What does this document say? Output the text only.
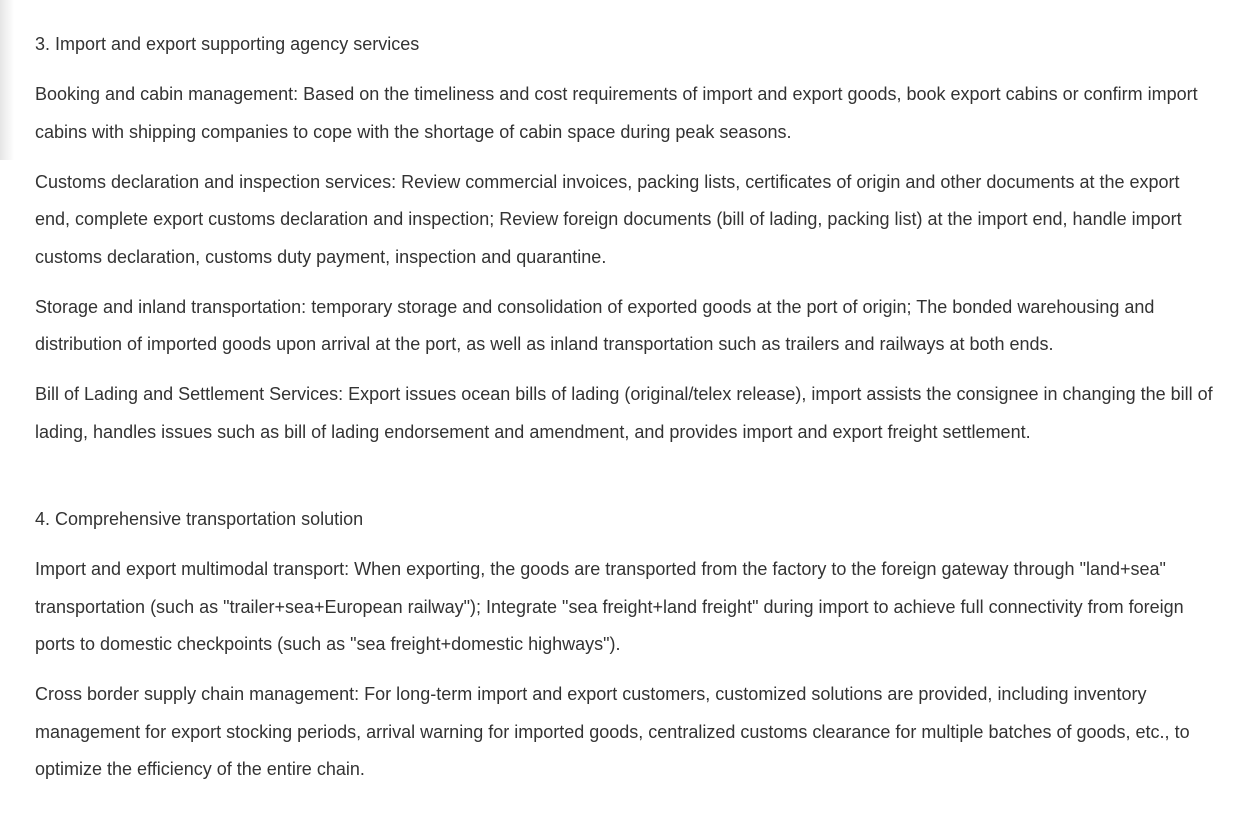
3. Import and export supporting agency services

Booking and cabin management: Based on the timeliness and cost requirements of import and export goods, book export cabins or confirm import cabins with shipping companies to cope with the shortage of cabin space during peak seasons.

Customs declaration and inspection services: Review commercial invoices, packing lists, certificates of origin and other documents at the export end, complete export customs declaration and inspection; Review foreign documents (bill of lading, packing list) at the import end, handle import customs declaration, customs duty payment, inspection and quarantine.

Storage and inland transportation: temporary storage and consolidation of exported goods at the port of origin; The bonded warehousing and distribution of imported goods upon arrival at the port, as well as inland transportation such as trailers and railways at both ends.

Bill of Lading and Settlement Services: Export issues ocean bills of lading (original/telex release), import assists the consignee in changing the bill of lading, handles issues such as bill of lading endorsement and amendment, and provides import and export freight settlement.

4. Comprehensive transportation solution

Import and export multimodal transport: When exporting, the goods are transported from the factory to the foreign gateway through "land+sea" transportation (such as "trailer+sea+European railway"); Integrate "sea freight+land freight" during import to achieve full connectivity from foreign ports to domestic checkpoints (such as "sea freight+domestic highways").

Cross border supply chain management: For long-term import and export customers, customized solutions are provided, including inventory management for export stocking periods, arrival warning for imported goods, centralized customs clearance for multiple batches of goods, etc., to optimize the efficiency of the entire chain.
